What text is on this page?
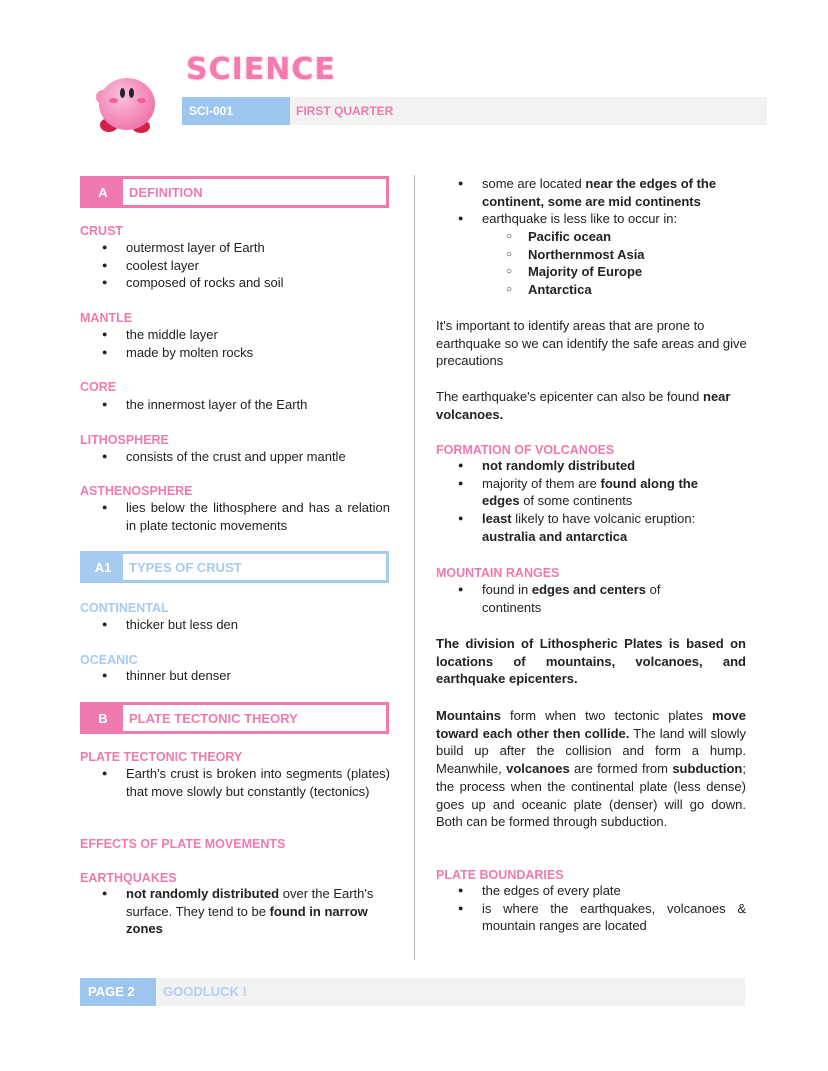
SCIENCE
SCI-001	FIRST QUARTER
A	DEFINITION
CRUST
● outermost layer of Earth
● coolest layer
● composed of rocks and soil
MANTLE
● the middle layer
● made by molten rocks
CORE
● the innermost layer of the Earth
LITHOSPHERE
● consists of the crust and upper mantle
ASTHENOSPHERE
● lies below the lithosphere and has a relation in plate tectonic movements
A1	TYPES OF CRUST
CONTINENTAL
● thicker but less den
OCEANIC
● thinner but denser
B	PLATE TECTONIC THEORY
PLATE TECTONIC THEORY
● Earth's crust is broken into segments (plates) that move slowly but constantly (tectonics)
EFFECTS OF PLATE MOVEMENTS
EARTHQUAKES
● not randomly distributed over the Earth's surface. They tend to be found in narrow zones
● some are located near the edges of the continent, some are mid continents
● earthquake is less like to occur in:
○ Pacific ocean
○ Northernmost Asia
○ Majority of Europe
○ Antarctica
It's important to identify areas that are prone to earthquake so we can identify the safe areas and give precautions
The earthquake's epicenter can also be found near volcanoes.
FORMATION OF VOLCANOES
● not randomly distributed
● majority of them are found along the edges of some continents
● least likely to have volcanic eruption: australia and antarctica
MOUNTAIN RANGES
● found in edges and centers of continents
The division of Lithospheric Plates is based on locations of mountains, volcanoes, and earthquake epicenters.
Mountains form when two tectonic plates move toward each other then collide. The land will slowly build up after the collision and form a hump. Meanwhile, volcanoes are formed from subduction; the process when the continental plate (less dense) goes up and oceanic plate (denser) will go down. Both can be formed through subduction.
PLATE BOUNDARIES
● the edges of every plate
● is where the earthquakes, volcanoes & mountain ranges are located
PAGE 2	GOODLUCK !
